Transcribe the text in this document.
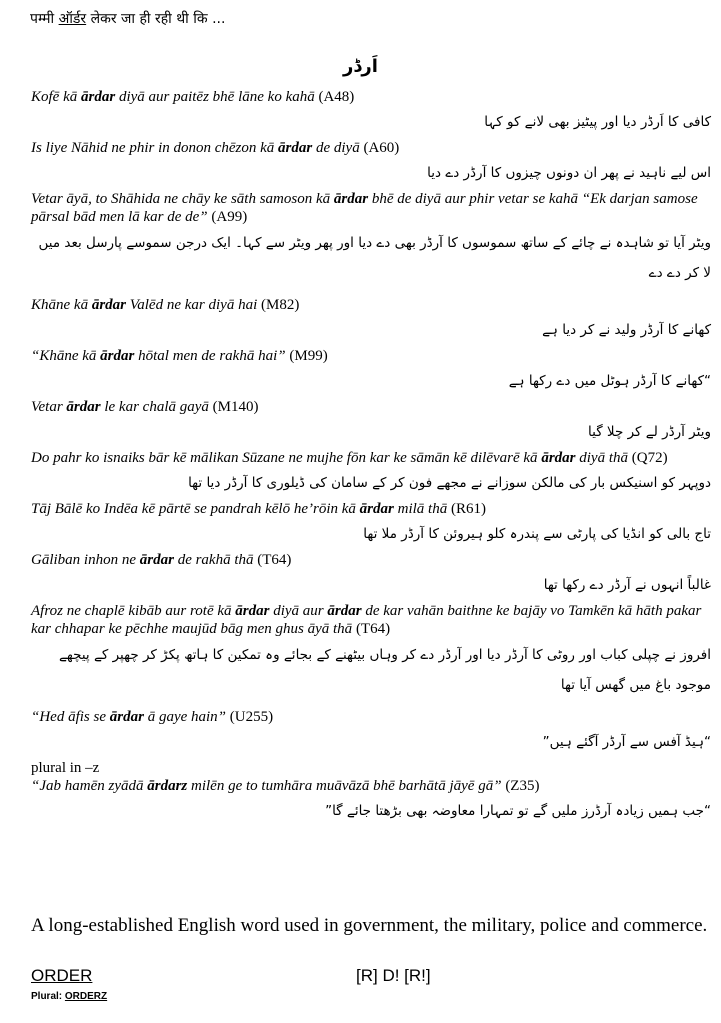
पम्मी ऑर्डर लेकर जा ही रही थी कि ...
اَرڈر

Kofē kā ārdar diyā aur paitēz bhē lāne ko kahā (A48)

کافی کا اَرڈر دیا اور پیٹیز بھی لانے کو کہا

Is liye Nāhid ne phir in donon chēzon kā ārdar de diyā (A60)

اس لیے ناہید نے پھر ان دونوں چیزوں کا آرڈر دے دیا

Vetar āyā, to Shāhida ne chāy ke sāth samoson kā ārdar bhē de diyā aur phir vetar se kahā “Ek darjan samose pārsal bād men lā kar de de” (A99)

ویٹر آیا تو شاہدہ نے چائے کے ساتھ سموسوں کا آرڈر بھی دے دیا اور پھر ویٹر سے کہا۔ ایک درجن سموسے پارسل بعد میں لا کر دے دے

Khāne kā ārdar Valēd ne kar diyā hai (M82)

کھانے کا آرڈر ولید نے کر دیا ہے

“Khāne kā ārdar hōtal men de rakhā hai” (M99)

“کھانے کا آرڈر ہوٹل میں دے رکھا ہے

Vetar ārdar le kar chalā gayā (M140)

ویٹر آرڈر لے کر چلا گیا

Do pahr ko isnaiks bār kē mālikan Sūzane ne mujhe fōn kar ke sāmān kē dilēvarē kā ārdar diyā thā (Q72)

دوپہر کو اسنیکس بار کی مالکن سوزانے نے مجھے فون کر کے سامان کی ڈیلوری کا آرڈر دیا تھا

Tāj Bālē ko Indēa kē pārtē se pandrah kēlō he’rōin kā ārdar milā thā (R61)

تاج بالی کو انڈیا کی پارٹی سے پندرہ کلو ہیروئن کا آرڈر ملا تھا

Gāliban inhon ne ārdar de rakhā thā (T64)

غالباً انہوں نے آرڈر دے رکھا تھا

Afroz ne chaplē kibāb aur rotē kā ārdar diyā aur ārdar de kar vahān baithne ke bajāy vo Tamkēn kā hāth pakar kar chhapar ke pēchhe maujūd bāg men ghus āyā thā (T64)

افروز نے چپلی کباب اور روٹی کا آرڈر دیا اور آرڈر دے کر وہاں بیٹھنے کے بجائے وہ تمکین کا ہاتھ پکڑ کر چھپر کے پیچھے موجود باغ میں گھس آیا تھا

“Hed āfis se ārdar ā gaye hain” (U255)

“ہیڈ آفس سے آرڈر آگئے ہیں”

plural in –z

“Jab hamēn zyādā ārdarz milēn ge to tumhāra muāvāzā bhē barhātā jāyē gā” (Z35)

“جب ہمیں زیادہ آرڈرز ملیں گے تو تمہارا معاوضہ بھی بڑھتا جائے گا”

A long-established English word used in government, the military, police and commerce.
ORDER	[R] D! [R!]
Plural: ORDERZ
